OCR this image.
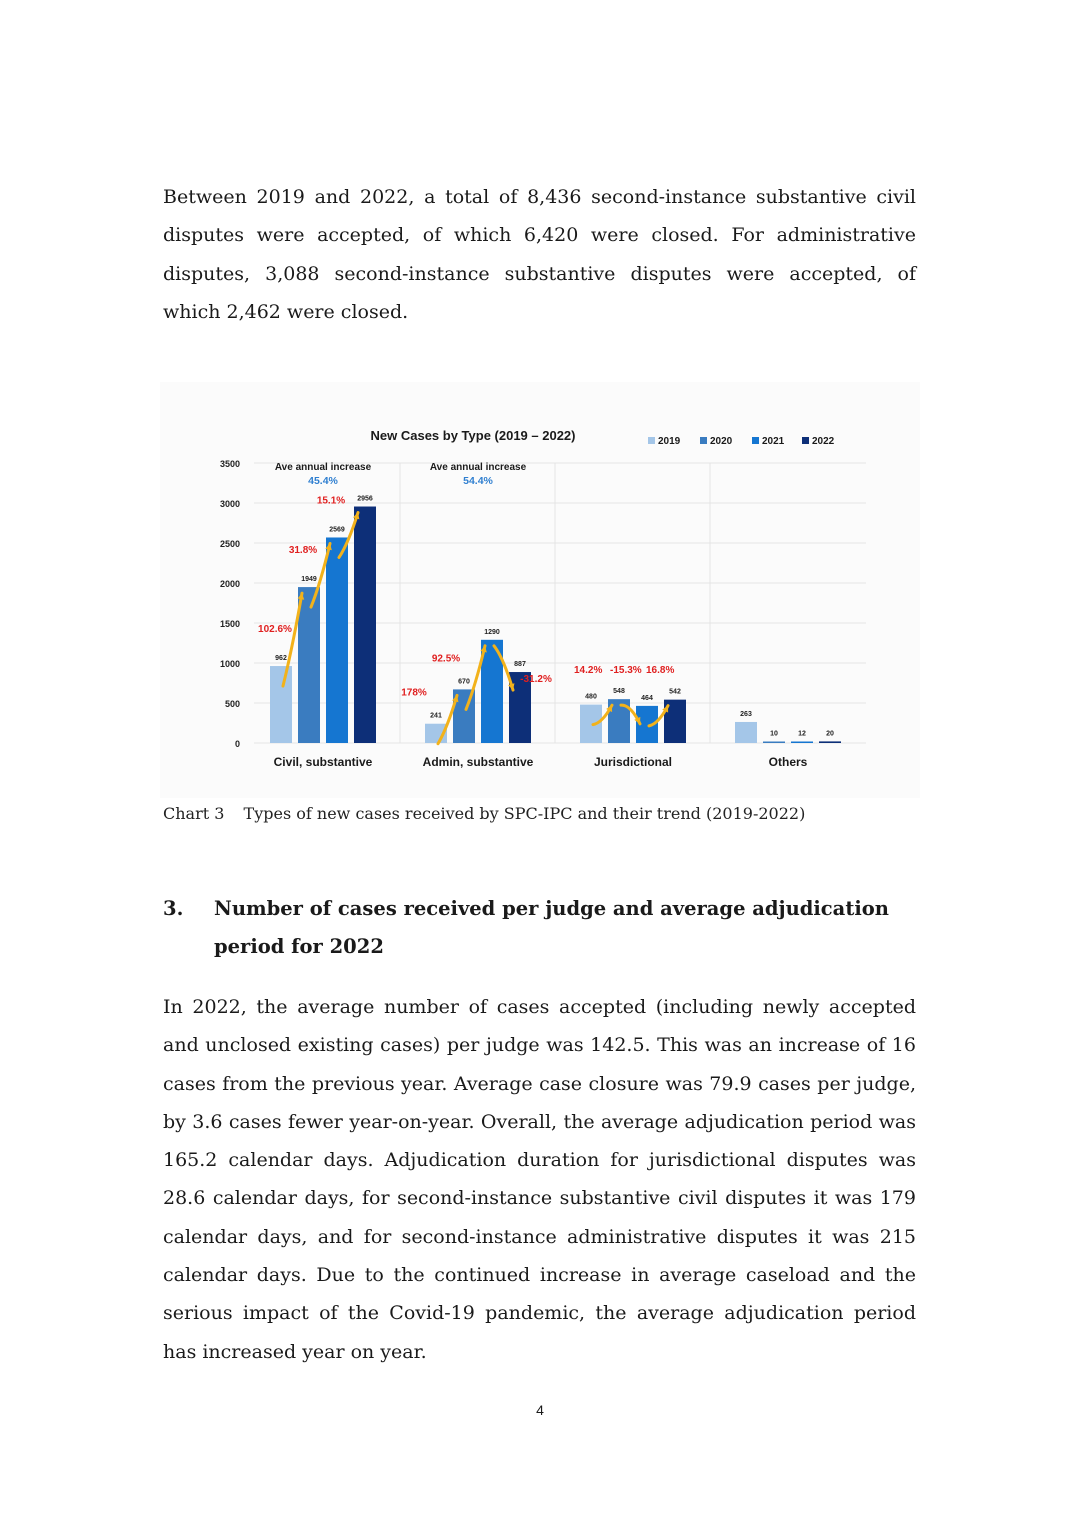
Between 2019 and 2022, a total of 8,436 second-instance substantive civil disputes were accepted, of which 6,420 were closed. For administrative disputes, 3,088 second-instance substantive disputes were accepted, of which 2,462 were closed.

New Cases by Type (2019 – 2022)
0
500
1000
1500
2000
2500
3000
3500
962
241
480
263
1949
670
548
10
2569
1290
464
12
2956
887
542
20
Civil, substantive	Admin, substantive	Jurisdictional	Others
102.6%
31.8%
15.1%
178%
92.5%
-31.2%
14.2% -15.3% 16.8%
Ave annual increase
45.4%
Ave annual increase
54.4%
2019	2020	2021	2022
Chart 3 Types of new cases received by SPC-IPC and their trend (2019-2022)
3. Number of cases received per judge and average adjudication period for 2022

In 2022, the average number of cases accepted (including newly accepted and unclosed existing cases) per judge was 142.5. This was an increase of 16 cases from the previous year. Average case closure was 79.9 cases per judge, by 3.6 cases fewer year-on-year. Overall, the average adjudication period was 165.2 calendar days. Adjudication duration for jurisdictional disputes was 28.6 calendar days, for second-instance substantive civil disputes it was 179 calendar days, and for second-instance administrative disputes it was 215 calendar days. Due to the continued increase in average caseload and the serious impact of the Covid-19 pandemic, the average adjudication period has increased year on year.

4
